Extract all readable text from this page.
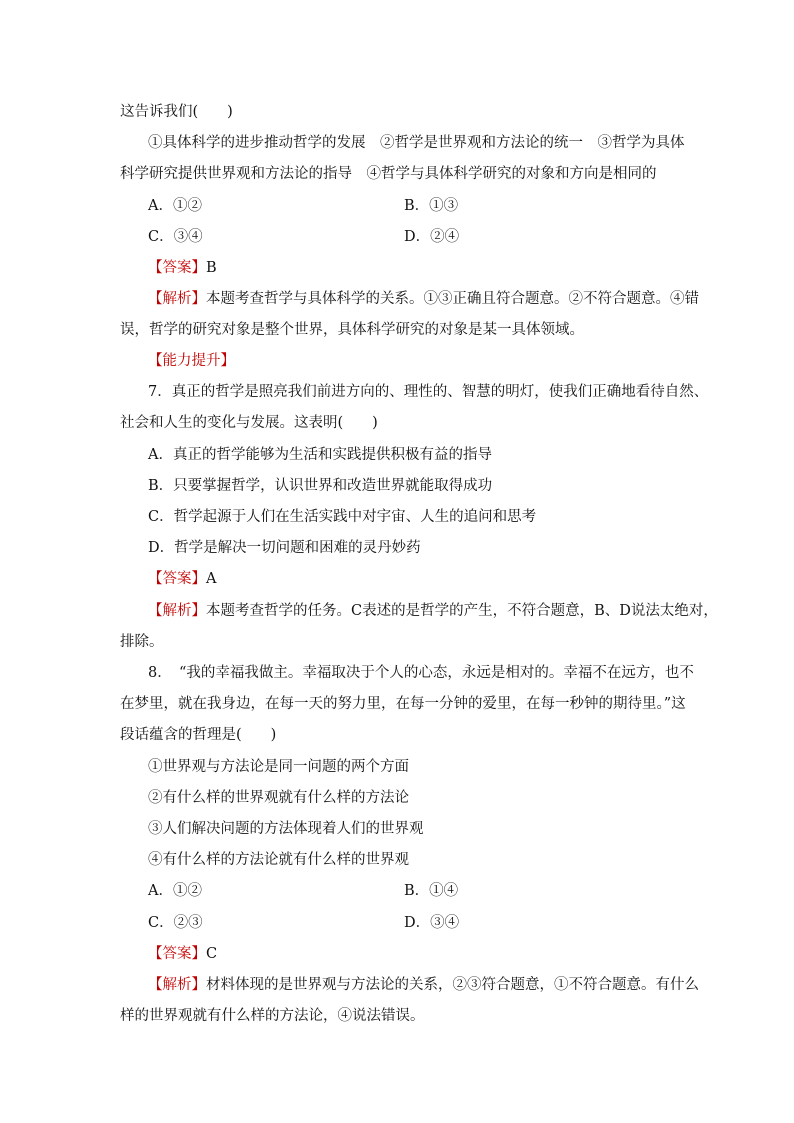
这告诉我们(　　)
①具体科学的进步推动哲学的发展　②哲学是世界观和方法论的统一　③哲学为具体
科学研究提供世界观和方法论的指导　④哲学与具体科学研究的对象和方向是相同的
A．①②	B．①③
C．③④	D．②④
【答案】B
【解析】本题考查哲学与具体科学的关系。①③正确且符合题意。②不符合题意。④错
误，哲学的研究对象是整个世界，具体科学研究的对象是某一具体领域。
【能力提升】
7．真正的哲学是照亮我们前进方向的、理性的、智慧的明灯，使我们正确地看待自然、
社会和人生的变化与发展。这表明(　　)
A．真正的哲学能够为生活和实践提供积极有益的指导
B．只要掌握哲学，认识世界和改造世界就能取得成功
C．哲学起源于人们在生活实践中对宇宙、人生的追问和思考
D．哲学是解决一切问题和困难的灵丹妙药
【答案】A
【解析】本题考查哲学的任务。C表述的是哲学的产生，不符合题意，B、D说法太绝对，
排除。
8．　“我的幸福我做主。幸福取决于个人的心态，永远是相对的。幸福不在远方，也不
在梦里，就在我身边，在每一天的努力里，在每一分钟的爱里，在每一秒钟的期待里。”这
段话蕴含的哲理是(　　)
①世界观与方法论是同一问题的两个方面
②有什么样的世界观就有什么样的方法论
③人们解决问题的方法体现着人们的世界观
④有什么样的方法论就有什么样的世界观
A．①②	B．①④
C．②③	D．③④
【答案】C
【解析】材料体现的是世界观与方法论的关系，②③符合题意，①不符合题意。有什么
样的世界观就有什么样的方法论，④说法错误。
